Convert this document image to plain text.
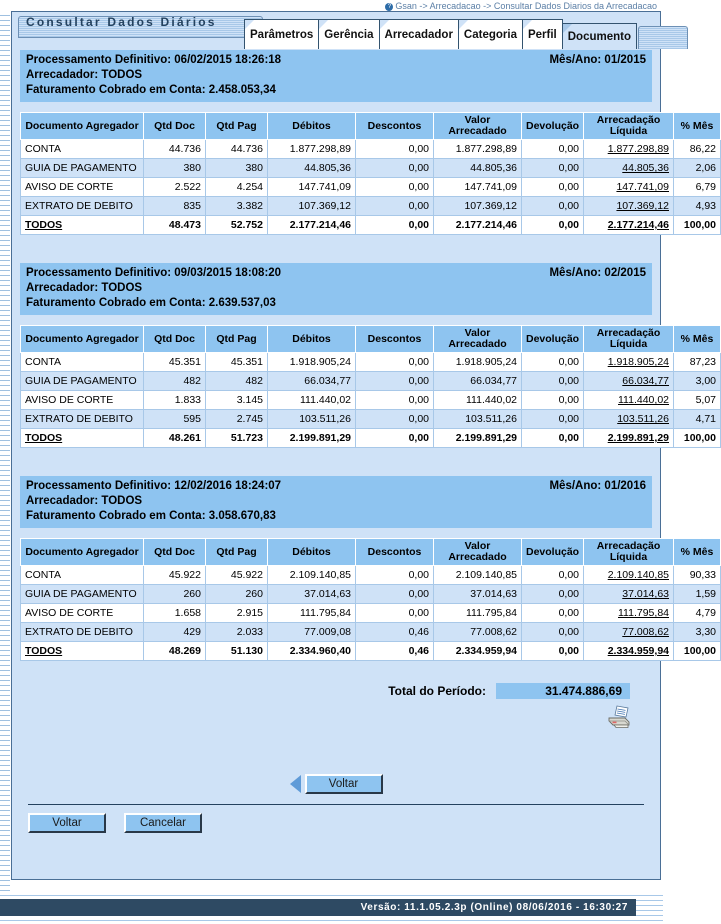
? Gsan -> Arrecadacao -> Consultar Dados Diarios da Arrecadacao
Consultar Dados Diários
Parâmetros Gerência Arrecadador Categoria Perfil Documento
Processamento Definitivo: 06/02/2015 18:26:18	Mês/Ano: 01/2015
Arrecadador: TODOS
Faturamento Cobrado em Conta: 2.458.053,34
Documento Agregador	Qtd Doc	Qtd Pag	Débitos	Descontos	Valor Arrecadado	Devolução	Arrecadação Líquida	% Mês
CONTA	44.736	44.736	1.877.298,89	0,00	1.877.298,89	0,00	1.877.298,89	86,22
GUIA DE PAGAMENTO	380	380	44.805,36	0,00	44.805,36	0,00	44.805,36	2,06
AVISO DE CORTE	2.522	4.254	147.741,09	0,00	147.741,09	0,00	147.741,09	6,79
EXTRATO DE DEBITO	835	3.382	107.369,12	0,00	107.369,12	0,00	107.369,12	4,93
TODOS	48.473	52.752	2.177.214,46	0,00	2.177.214,46	0,00	2.177.214,46	100,00
Processamento Definitivo: 09/03/2015 18:08:20	Mês/Ano: 02/2015
Arrecadador: TODOS
Faturamento Cobrado em Conta: 2.639.537,03
Documento Agregador	Qtd Doc	Qtd Pag	Débitos	Descontos	Valor Arrecadado	Devolução	Arrecadação Líquida	% Mês
CONTA	45.351	45.351	1.918.905,24	0,00	1.918.905,24	0,00	1.918.905,24	87,23
GUIA DE PAGAMENTO	482	482	66.034,77	0,00	66.034,77	0,00	66.034,77	3,00
AVISO DE CORTE	1.833	3.145	111.440,02	0,00	111.440,02	0,00	111.440,02	5,07
EXTRATO DE DEBITO	595	2.745	103.511,26	0,00	103.511,26	0,00	103.511,26	4,71
TODOS	48.261	51.723	2.199.891,29	0,00	2.199.891,29	0,00	2.199.891,29	100,00
Processamento Definitivo: 12/02/2016 18:24:07	Mês/Ano: 01/2016
Arrecadador: TODOS
Faturamento Cobrado em Conta: 3.058.670,83
Documento Agregador	Qtd Doc	Qtd Pag	Débitos	Descontos	Valor Arrecadado	Devolução	Arrecadação Líquida	% Mês
CONTA	45.922	45.922	2.109.140,85	0,00	2.109.140,85	0,00	2.109.140,85	90,33
GUIA DE PAGAMENTO	260	260	37.014,63	0,00	37.014,63	0,00	37.014,63	1,59
AVISO DE CORTE	1.658	2.915	111.795,84	0,00	111.795,84	0,00	111.795,84	4,79
EXTRATO DE DEBITO	429	2.033	77.009,08	0,46	77.008,62	0,00	77.008,62	3,30
TODOS	48.269	51.130	2.334.960,40	0,46	2.334.959,94	0,00	2.334.959,94	100,00
Total do Período:	31.474.886,69
Voltar
Voltar	Cancelar
Versão: 11.1.05.2.3p (Online) 08/06/2016 - 16:30:27
